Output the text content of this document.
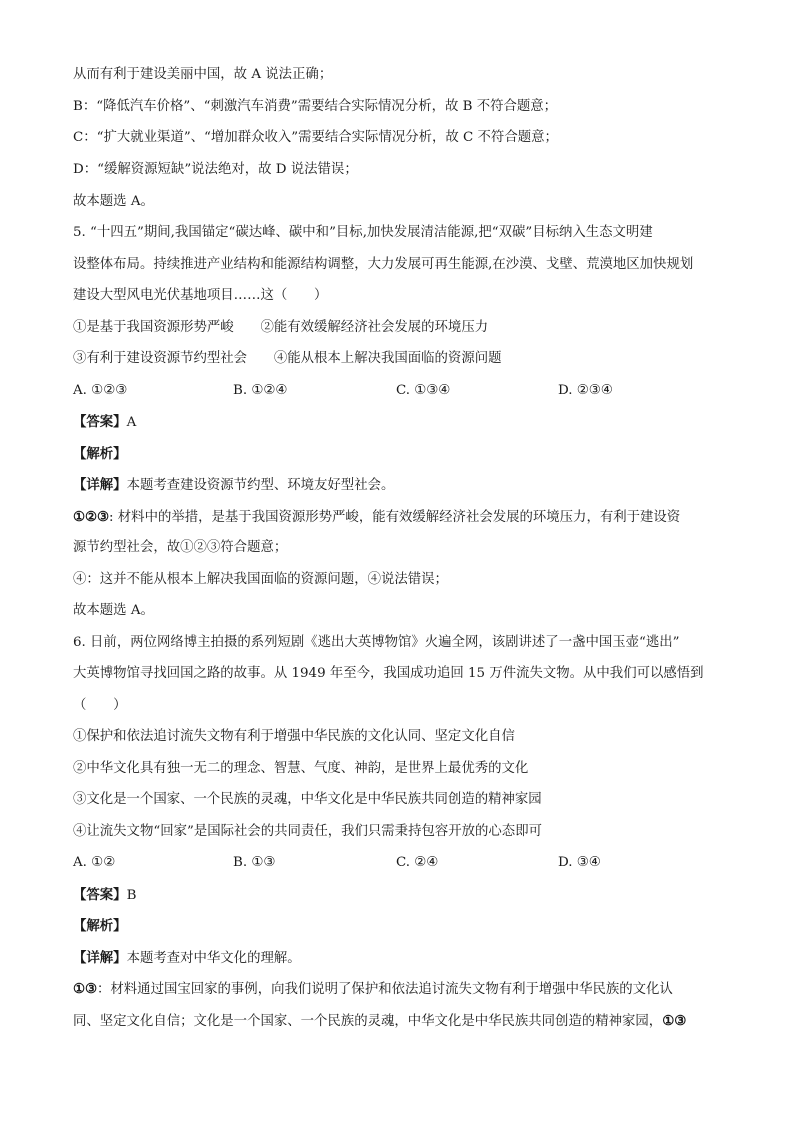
从而有利于建设美丽中国，故 A 说法正确；
B：“降低汽车价格”、“刺激汽车消费”需要结合实际情况分析，故 B 不符合题意；
C：“扩大就业渠道”、“增加群众收入”需要结合实际情况分析，故 C 不符合题意；
D：“缓解资源短缺”说法绝对，故 D 说法错误；
故本题选 A。
5. “十四五”期间,我国锚定“碳达峰、碳中和”目标,加快发展清洁能源,把“双碳”目标纳入生态文明建
设整体布局。持续推进产业结构和能源结构调整，大力发展可再生能源,在沙漠、戈壁、荒漠地区加快规划
建设大型风电光伏基地项目……这（　　）
①是基于我国资源形势严峻　　②能有效缓解经济社会发展的环境压力
③有利于建设资源节约型社会　　④能从根本上解决我国面临的资源问题
A. ①②③	B. ①②④	C. ①③④	D. ②③④
【答案】A
【解析】
【详解】本题考查建设资源节约型、环境友好型社会。
①②③: 材料中的举措，是基于我国资源形势严峻，能有效缓解经济社会发展的环境压力，有利于建设资
源节约型社会，故①②③符合题意；
④：这并不能从根本上解决我国面临的资源问题，④说法错误；
故本题选 A。
6. 日前，两位网络博主拍摄的系列短剧《逃出大英博物馆》火遍全网，该剧讲述了一盏中国玉壶“逃出”
大英博物馆寻找回国之路的故事。从 1949 年至今，我国成功追回 15 万件流失文物。从中我们可以感悟到
（　　）
①保护和依法追讨流失文物有利于增强中华民族的文化认同、坚定文化自信
②中华文化具有独一无二的理念、智慧、气度、神韵，是世界上最优秀的文化
③文化是一个国家、一个民族的灵魂，中华文化是中华民族共同创造的精神家园
④让流失文物“回家”是国际社会的共同责任，我们只需秉持包容开放的心态即可
A. ①②	B. ①③	C. ②④	D. ③④
【答案】B
【解析】
【详解】本题考查对中华文化的理解。
①③：材料通过国宝回家的事例，向我们说明了保护和依法追讨流失文物有利于增强中华民族的文化认
同、坚定文化自信；文化是一个国家、一个民族的灵魂，中华文化是中华民族共同创造的精神家园，①③
